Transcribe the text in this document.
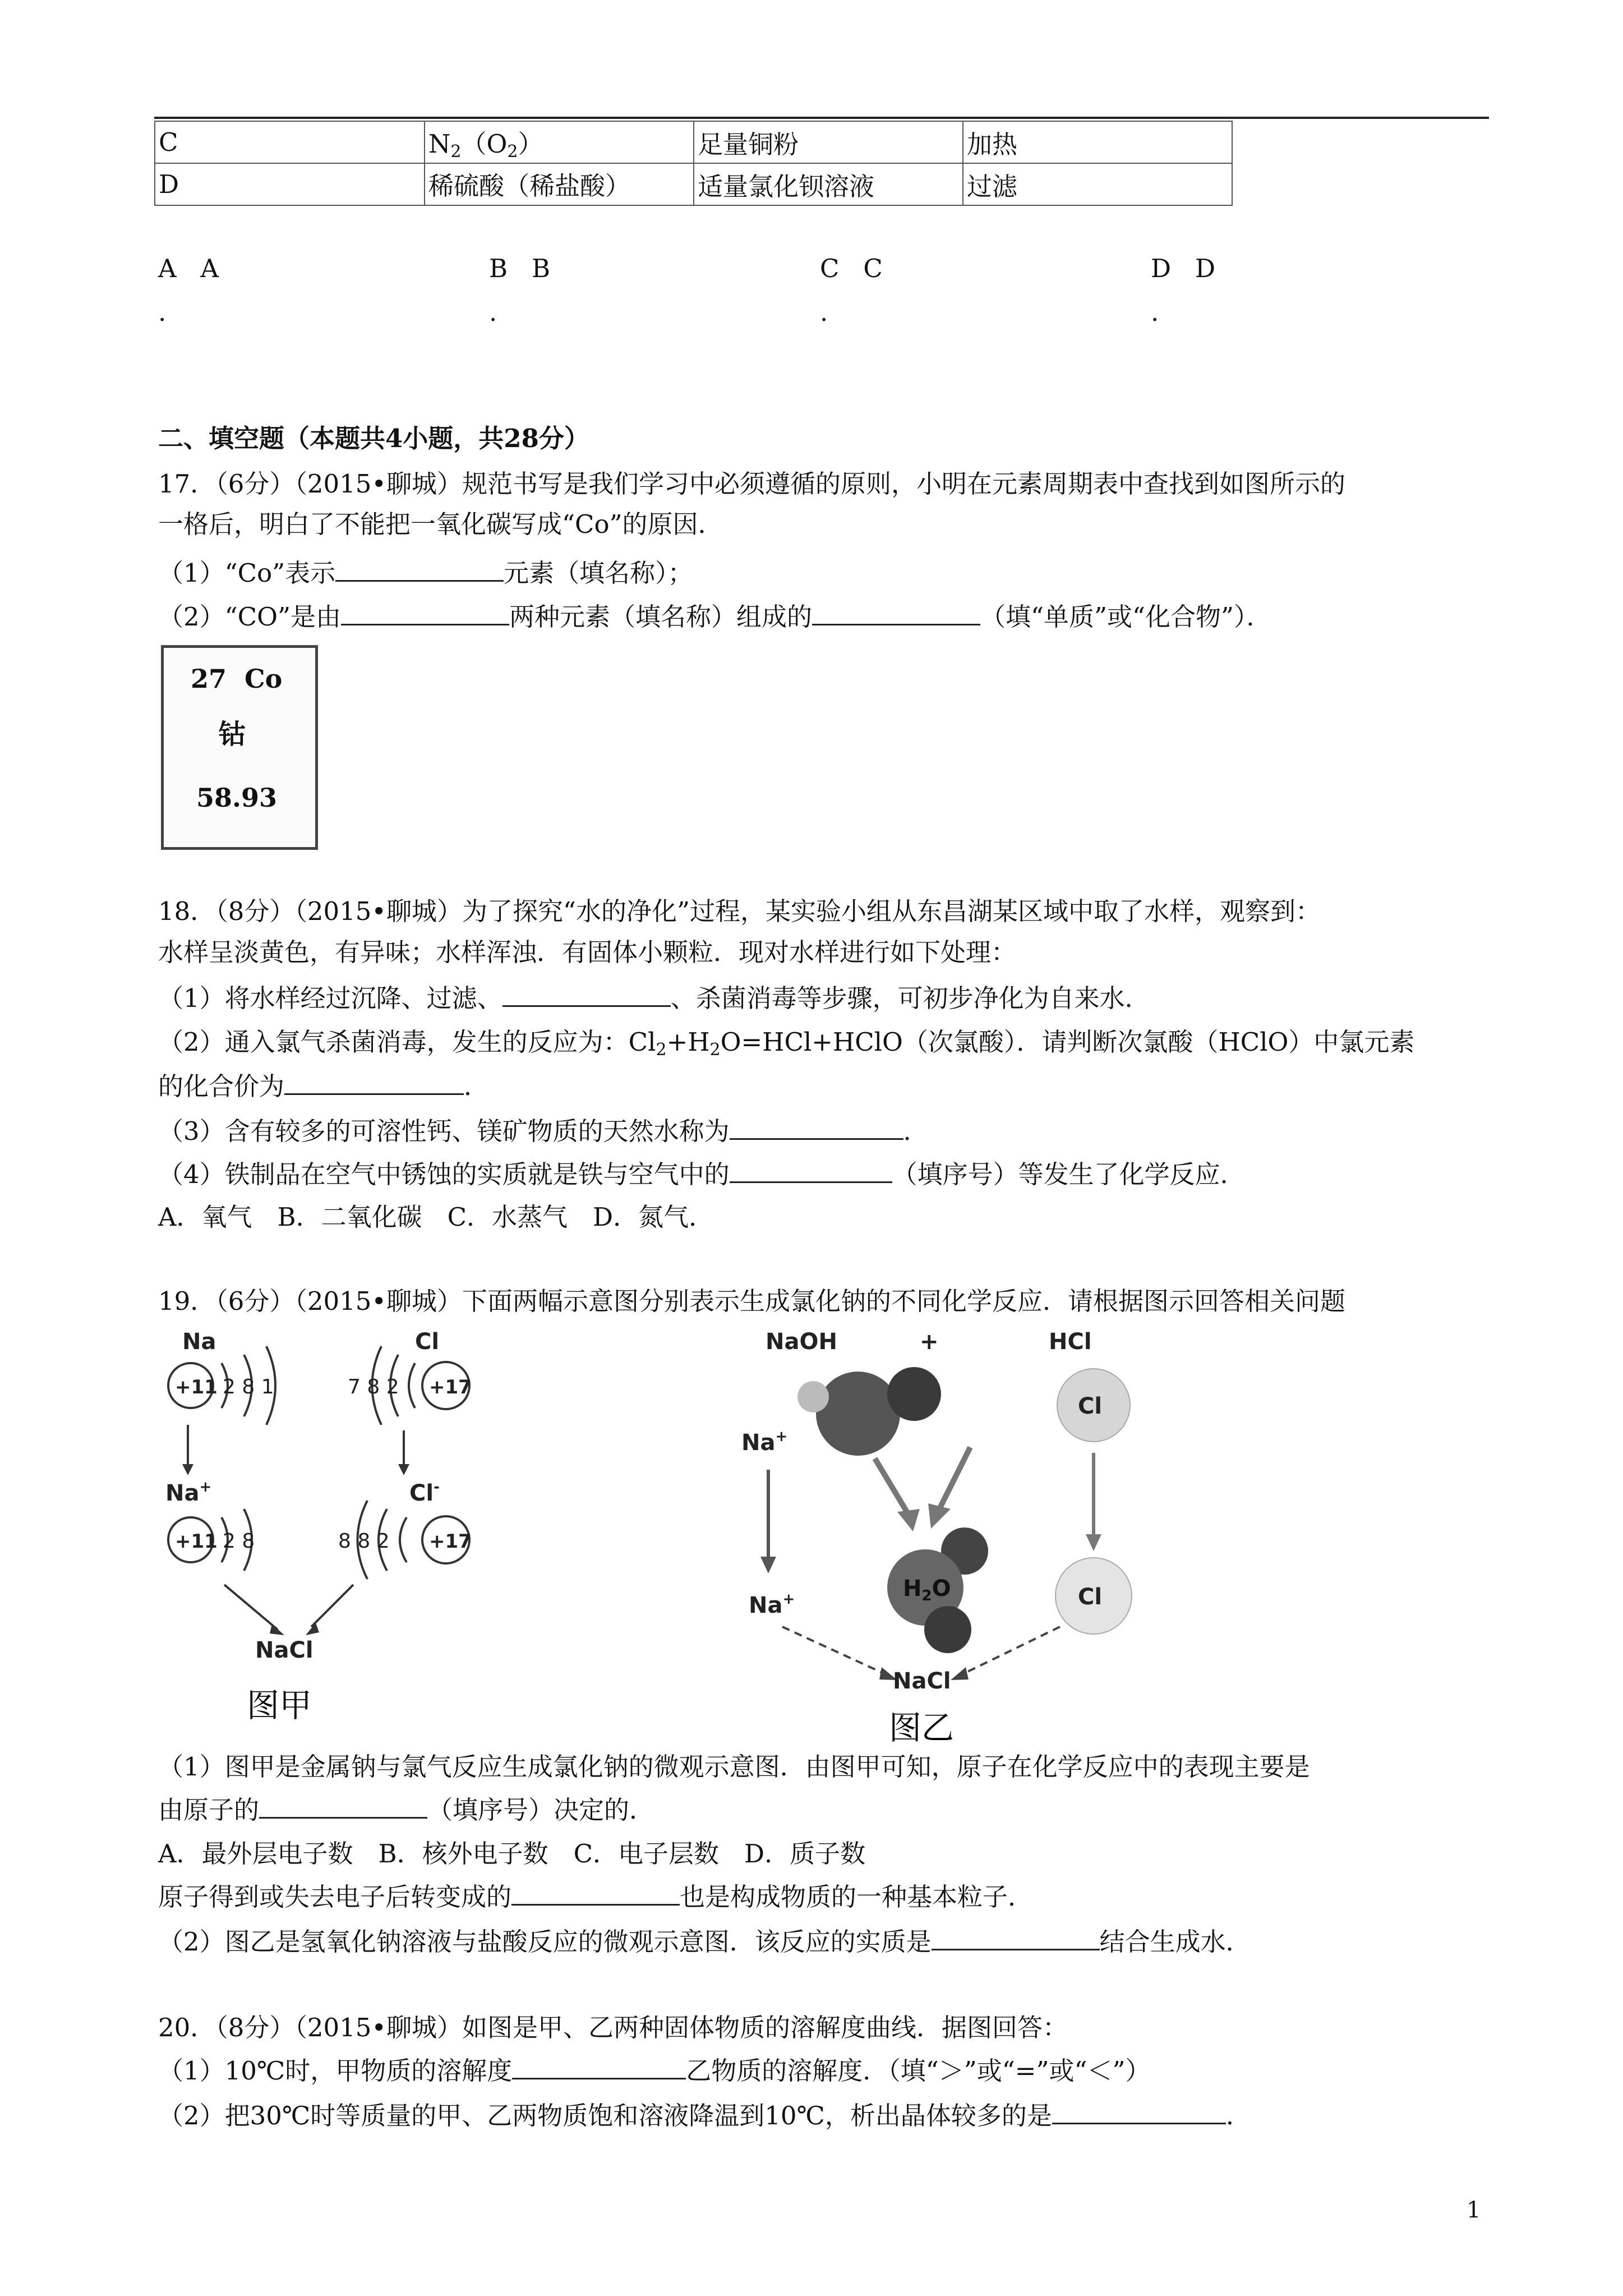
C	$N_2(O_2)$	足量铜粉	加热
D	稀硫酸（稀盐酸）	适量氯化钡溶液	过滤
A A
.
B B
.
C C
.
D D
.
二、填空题（本题共4小题，共28分）
17．（6分）（2015•聊城）规范书写是我们学习中必须遵循的原则，小明在元素周期表中查找到如图所示的
一格后，明白了不能把一氧化碳写成“Co”的原因．
（1）“Co”表示	元素（填名称）；
（2）“CO”是由	两种元素（填名称）组成的	（填“单质”或“化合物”）．
27 Co
钴
58.93
18．（8分）（2015•聊城）为了探究“水的净化”过程，某实验小组从东昌湖某区域中取了水样，观察到：
水样呈淡黄色，有异味；水样浑浊．有固体小颗粒．现对水样进行如下处理：
（1）将水样经过沉降、过滤、	、杀菌消毒等步骤，可初步净化为自来水．
（2）通入氯气杀菌消毒，发生的反应为：$Cl_2+H_2O=HCl+HClO$（次氯酸）．请判断次氯酸（HClO）中氯元素
的化合价为	．
（3）含有较多的可溶性钙、镁矿物质的天然水称为	．
（4）铁制品在空气中锈蚀的实质就是铁与空气中的	（填序号）等发生了化学反应．
A．氧气　B．二氧化碳　C．水蒸气　D．氮气．
19．（6分）（2015•聊城）下面两幅示意图分别表示生成氯化钠的不同化学反应．请根据图示回答相关问题
Na
+11 2 8 1
Cl
7 8 2 +17
Na+
+11 2 8
Cl-
8 8 2 +17
NaCl
图甲
NaOH	+	HCl
Na+
Cl
$H_2O$
Na+	Cl
NaCl
图乙
（1）图甲是金属钠与氯气反应生成氯化钠的微观示意图．由图甲可知，原子在化学反应中的表现主要是
由原子的	（填序号）决定的．
A．最外层电子数　B．核外电子数　C．电子层数　D．质子数
原子得到或失去电子后转变成的	也是构成物质的一种基本粒子．
（2）图乙是氢氧化钠溶液与盐酸反应的微观示意图．该反应的实质是	结合生成水．
20．（8分）（2015•聊城）如图是甲、乙两种固体物质的溶解度曲线．据图回答：
（1）10℃时，甲物质的溶解度	乙物质的溶解度．（填“＞”或“=”或“＜”）
（2）把30℃时等质量的甲、乙两物质饱和溶液降温到10℃，析出晶体较多的是	．
1
